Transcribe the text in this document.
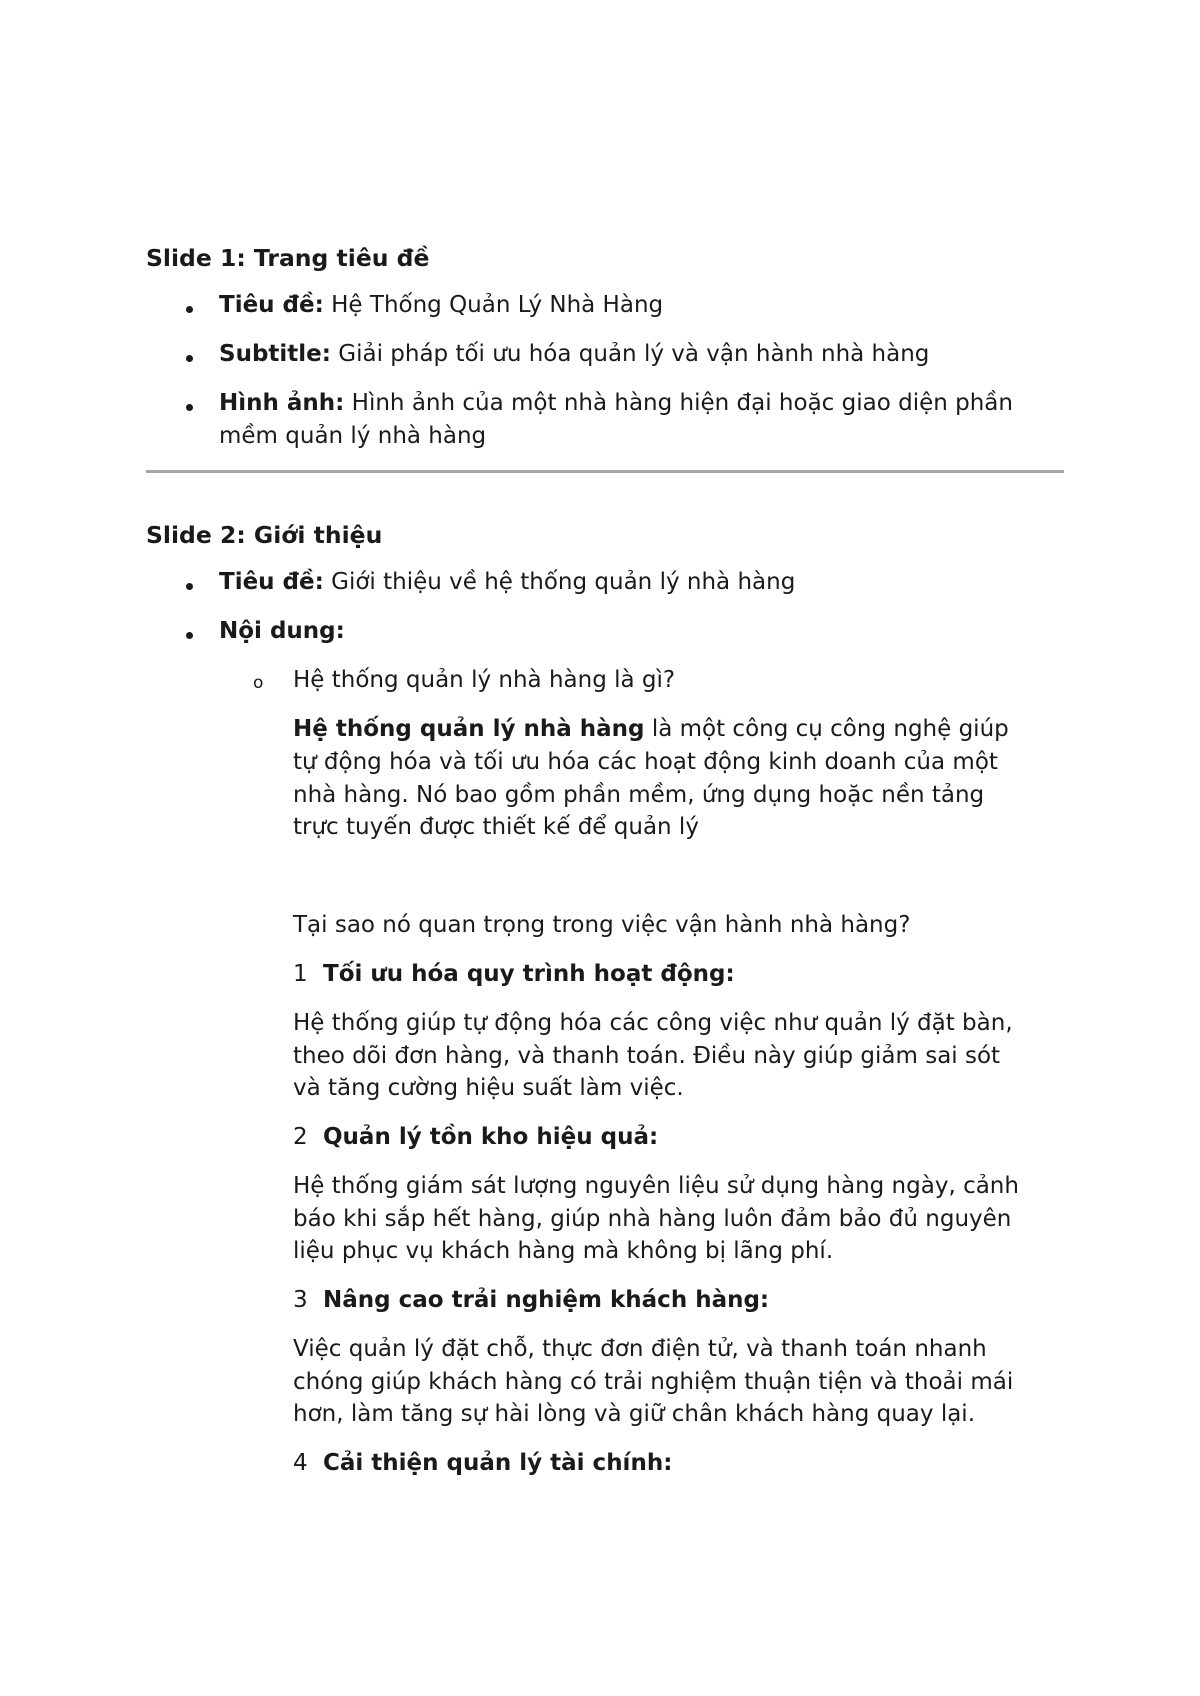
Slide 1: Trang tiêu đề
Tiêu đề: Hệ Thống Quản Lý Nhà Hàng
Subtitle: Giải pháp tối ưu hóa quản lý và vận hành nhà hàng
Hình ảnh: Hình ảnh của một nhà hàng hiện đại hoặc giao diện phần
mềm quản lý nhà hàng
Slide 2: Giới thiệu
Tiêu đề: Giới thiệu về hệ thống quản lý nhà hàng
Nội dung:
o Hệ thống quản lý nhà hàng là gì?
Hệ thống quản lý nhà hàng là một công cụ công nghệ giúp
tự động hóa và tối ưu hóa các hoạt động kinh doanh của một
nhà hàng. Nó bao gồm phần mềm, ứng dụng hoặc nền tảng
trực tuyến được thiết kế để quản lý
Tại sao nó quan trọng trong việc vận hành nhà hàng?
1 Tối ưu hóa quy trình hoạt động:
Hệ thống giúp tự động hóa các công việc như quản lý đặt bàn,
theo dõi đơn hàng, và thanh toán. Điều này giúp giảm sai sót
và tăng cường hiệu suất làm việc.
2 Quản lý tồn kho hiệu quả:
Hệ thống giám sát lượng nguyên liệu sử dụng hàng ngày, cảnh
báo khi sắp hết hàng, giúp nhà hàng luôn đảm bảo đủ nguyên
liệu phục vụ khách hàng mà không bị lãng phí.
3 Nâng cao trải nghiệm khách hàng:
Việc quản lý đặt chỗ, thực đơn điện tử, và thanh toán nhanh
chóng giúp khách hàng có trải nghiệm thuận tiện và thoải mái
hơn, làm tăng sự hài lòng và giữ chân khách hàng quay lại.
4 Cải thiện quản lý tài chính:
